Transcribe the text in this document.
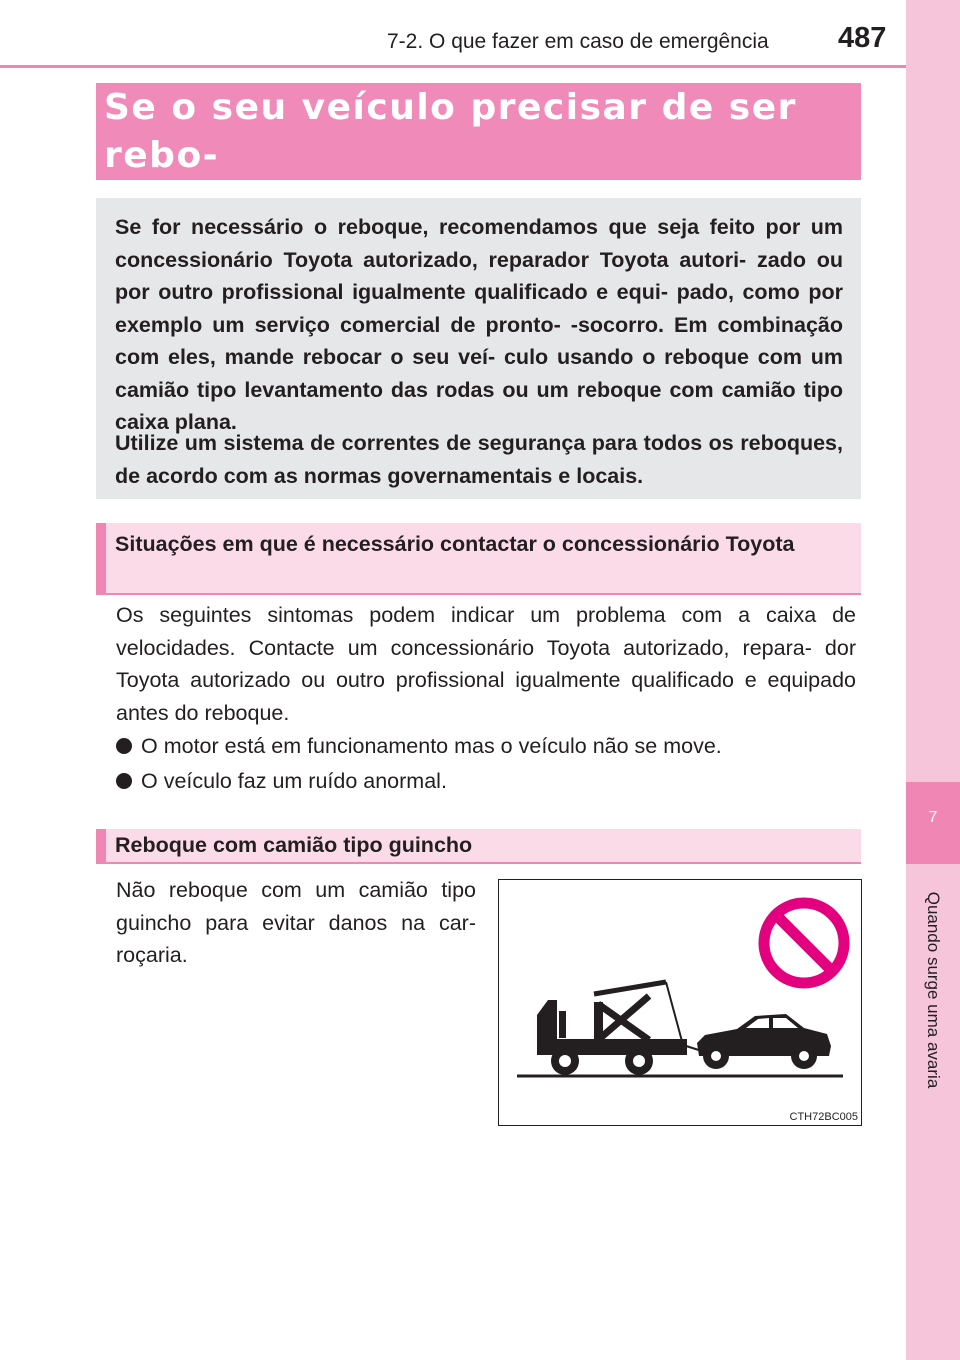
7
Quando surge uma avaria
7-2. O que fazer em caso de emergência 487
Se o seu veículo precisar de ser rebo-

Se for necessário o reboque, recomendamos que seja feito por um concessionário Toyota autorizado, reparador Toyota autori- zado ou por outro profissional igualmente qualificado e equi- pado, como por exemplo um serviço comercial de pronto- -socorro. Em combinação com eles, mande rebocar o seu veí- culo usando o reboque com um camião tipo levantamento das rodas ou um reboque com camião tipo caixa plana.

Utilize um sistema de correntes de segurança para todos os reboques, de acordo com as normas governamentais e locais.

Situações em que é necessário contactar o concessionário Toyota

Os seguintes sintomas podem indicar um problema com a caixa de velocidades. Contacte um concessionário Toyota autorizado, repara- dor Toyota autorizado ou outro profissional igualmente qualificado e equipado antes do reboque.

O motor está em funcionamento mas o veículo não se move.
O veículo faz um ruído anormal.
Reboque com camião tipo guincho

Não reboque com um camião tipo guincho para evitar danos na car- roçaria.

CTH72BC005
